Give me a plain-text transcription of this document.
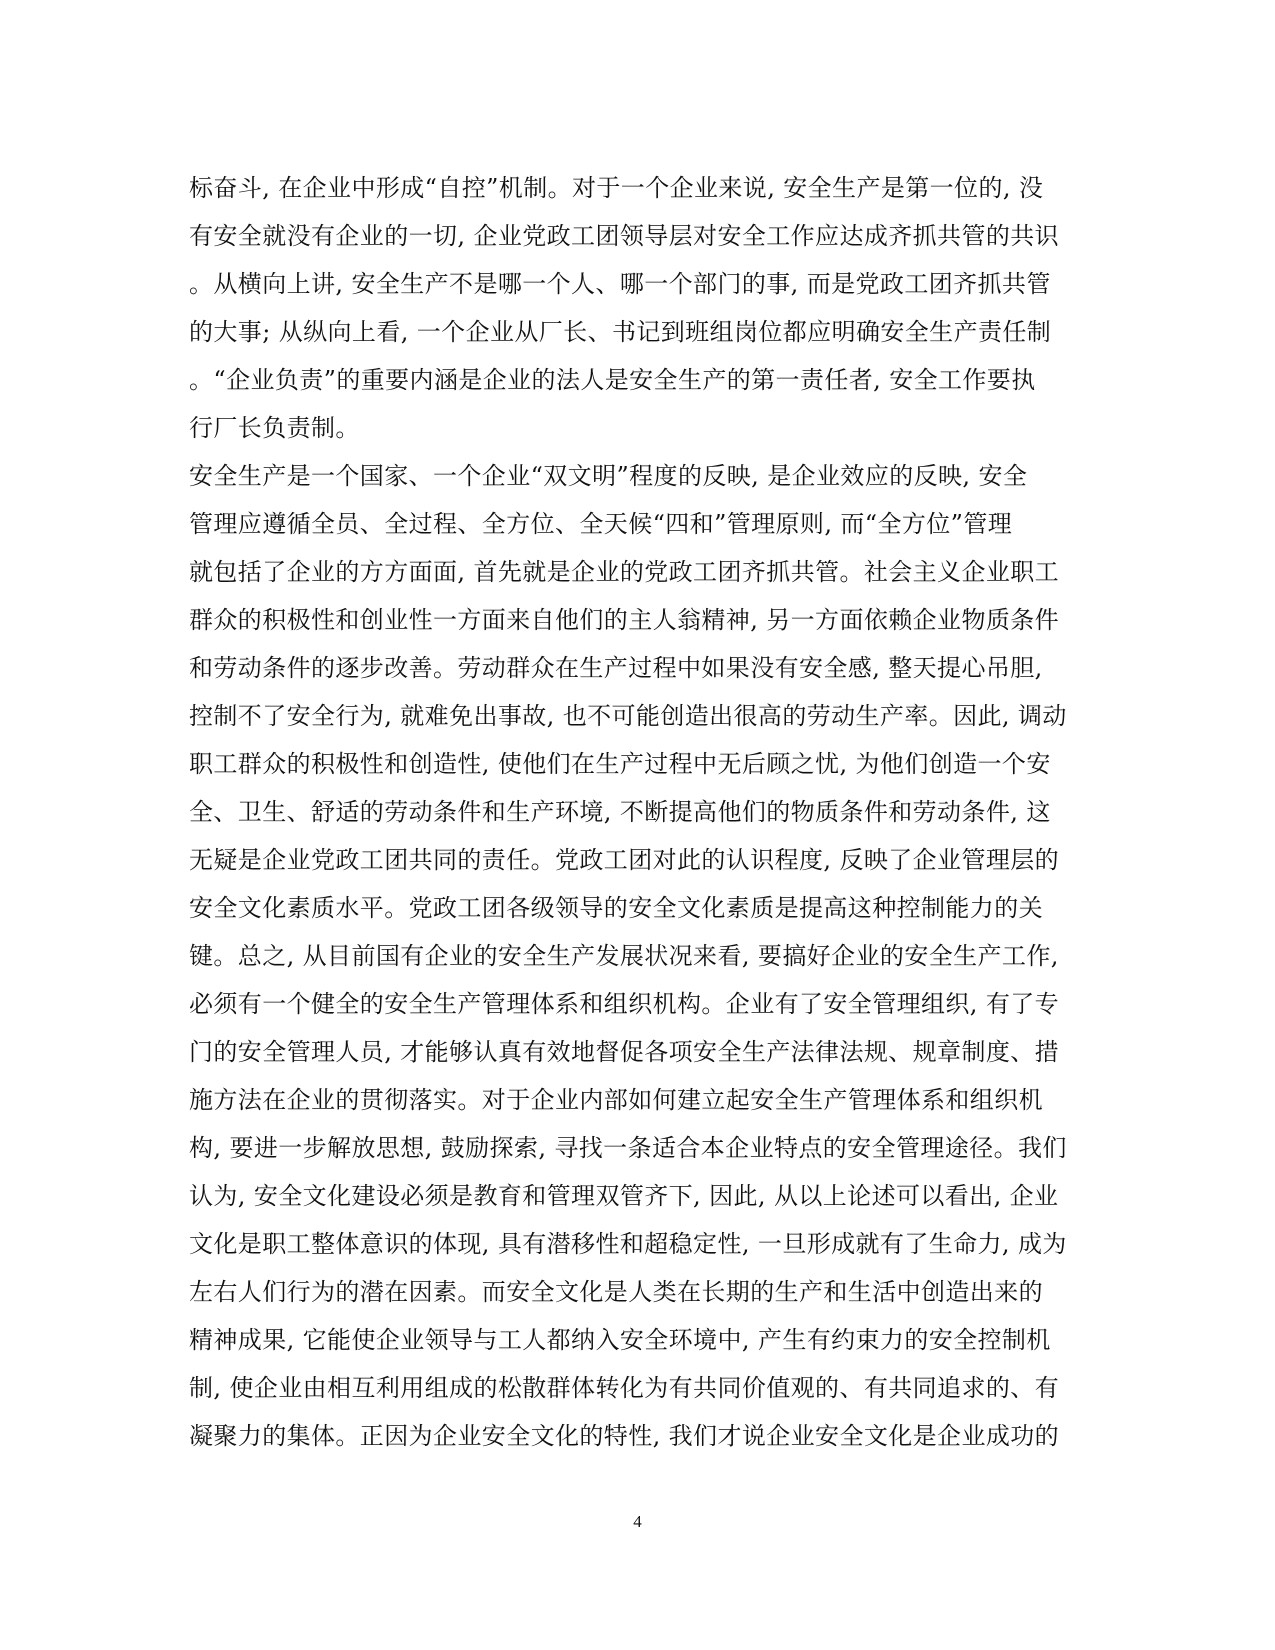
标奋斗, 在企业中形成“自控”机制。对于一个企业来说, 安全生产是第一位的, 没
有安全就没有企业的一切, 企业党政工团领导层对安全工作应达成齐抓共管的共识
。从横向上讲, 安全生产不是哪一个人、哪一个部门的事, 而是党政工团齐抓共管
的大事; 从纵向上看, 一个企业从厂长、书记到班组岗位都应明确安全生产责任制
。“企业负责”的重要内涵是企业的法人是安全生产的第一责任者, 安全工作要执
行厂长负责制。
安全生产是一个国家、一个企业“双文明”程度的反映, 是企业效应的反映, 安全
管理应遵循全员、全过程、全方位、全天候“四和”管理原则, 而“全方位”管理
就包括了企业的方方面面, 首先就是企业的党政工团齐抓共管。社会主义企业职工
群众的积极性和创业性一方面来自他们的主人翁精神, 另一方面依赖企业物质条件
和劳动条件的逐步改善。劳动群众在生产过程中如果没有安全感, 整天提心吊胆,
控制不了安全行为, 就难免出事故, 也不可能创造出很高的劳动生产率。因此, 调动
职工群众的积极性和创造性, 使他们在生产过程中无后顾之忧, 为他们创造一个安
全、卫生、舒适的劳动条件和生产环境, 不断提高他们的物质条件和劳动条件, 这
无疑是企业党政工团共同的责任。党政工团对此的认识程度, 反映了企业管理层的
安全文化素质水平。党政工团各级领导的安全文化素质是提高这种控制能力的关
键。总之, 从目前国有企业的安全生产发展状况来看, 要搞好企业的安全生产工作,
必须有一个健全的安全生产管理体系和组织机构。企业有了安全管理组织, 有了专
门的安全管理人员, 才能够认真有效地督促各项安全生产法律法规、规章制度、措
施方法在企业的贯彻落实。对于企业内部如何建立起安全生产管理体系和组织机
构, 要进一步解放思想, 鼓励探索, 寻找一条适合本企业特点的安全管理途径。我们
认为, 安全文化建设必须是教育和管理双管齐下, 因此, 从以上论述可以看出, 企业
文化是职工整体意识的体现, 具有潜移性和超稳定性, 一旦形成就有了生命力, 成为
左右人们行为的潜在因素。而安全文化是人类在长期的生产和生活中创造出来的
精神成果, 它能使企业领导与工人都纳入安全环境中, 产生有约束力的安全控制机
制, 使企业由相互利用组成的松散群体转化为有共同价值观的、有共同追求的、有
凝聚力的集体。正因为企业安全文化的特性, 我们才说企业安全文化是企业成功的
4
